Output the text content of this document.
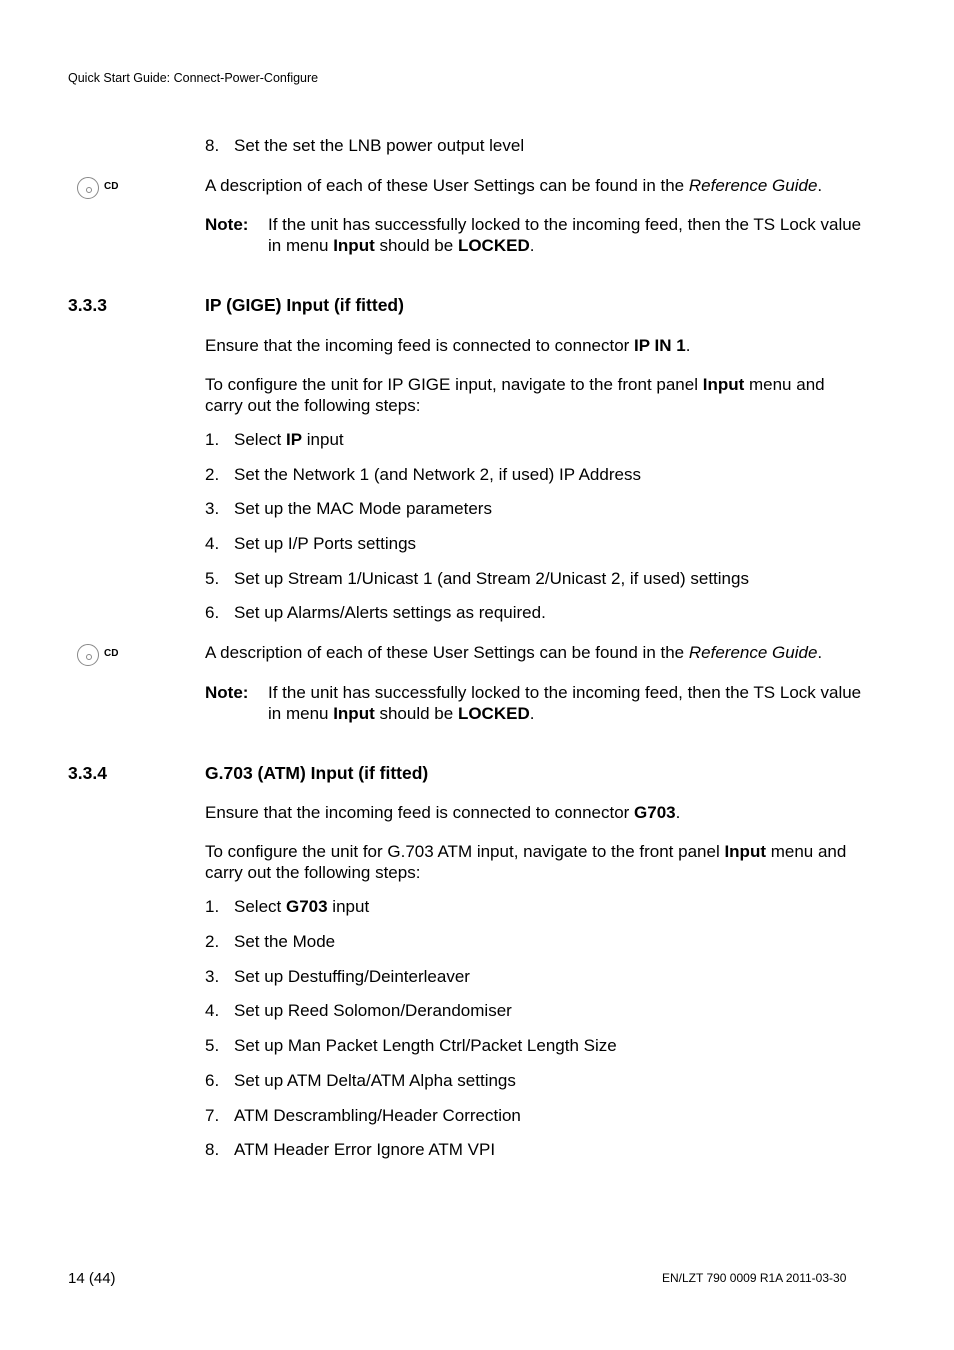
Quick Start Guide: Connect-Power-Configure
8. Set the set the LNB power output level
CD	A description of each of these User Settings can be found in the Reference Guide.
Note: If the unit has successfully locked to the incoming feed, then the TS Lock value in menu Input should be LOCKED.
3.3.3	IP (GIGE) Input (if fitted)
Ensure that the incoming feed is connected to connector IP IN 1.
To configure the unit for IP GIGE input, navigate to the front panel Input menu and carry out the following steps:
1. Select IP input
2. Set the Network 1 (and Network 2, if used) IP Address
3. Set up the MAC Mode parameters
4. Set up I/P Ports settings
5. Set up Stream 1/Unicast 1 (and Stream 2/Unicast 2, if used) settings
6. Set up Alarms/Alerts settings as required.
CD	A description of each of these User Settings can be found in the Reference Guide.
Note: If the unit has successfully locked to the incoming feed, then the TS Lock value in menu Input should be LOCKED.
3.3.4	G.703 (ATM) Input (if fitted)
Ensure that the incoming feed is connected to connector G703.
To configure the unit for G.703 ATM input, navigate to the front panel Input menu and carry out the following steps:
1. Select G703 input
2. Set the Mode
3. Set up Destuffing/Deinterleaver
4. Set up Reed Solomon/Derandomiser
5. Set up Man Packet Length Ctrl/Packet Length Size
6. Set up ATM Delta/ATM Alpha settings
7. ATM Descrambling/Header Correction
8. ATM Header Error Ignore ATM VPI
14 (44)	EN/LZT 790 0009 R1A 2011-03-30
